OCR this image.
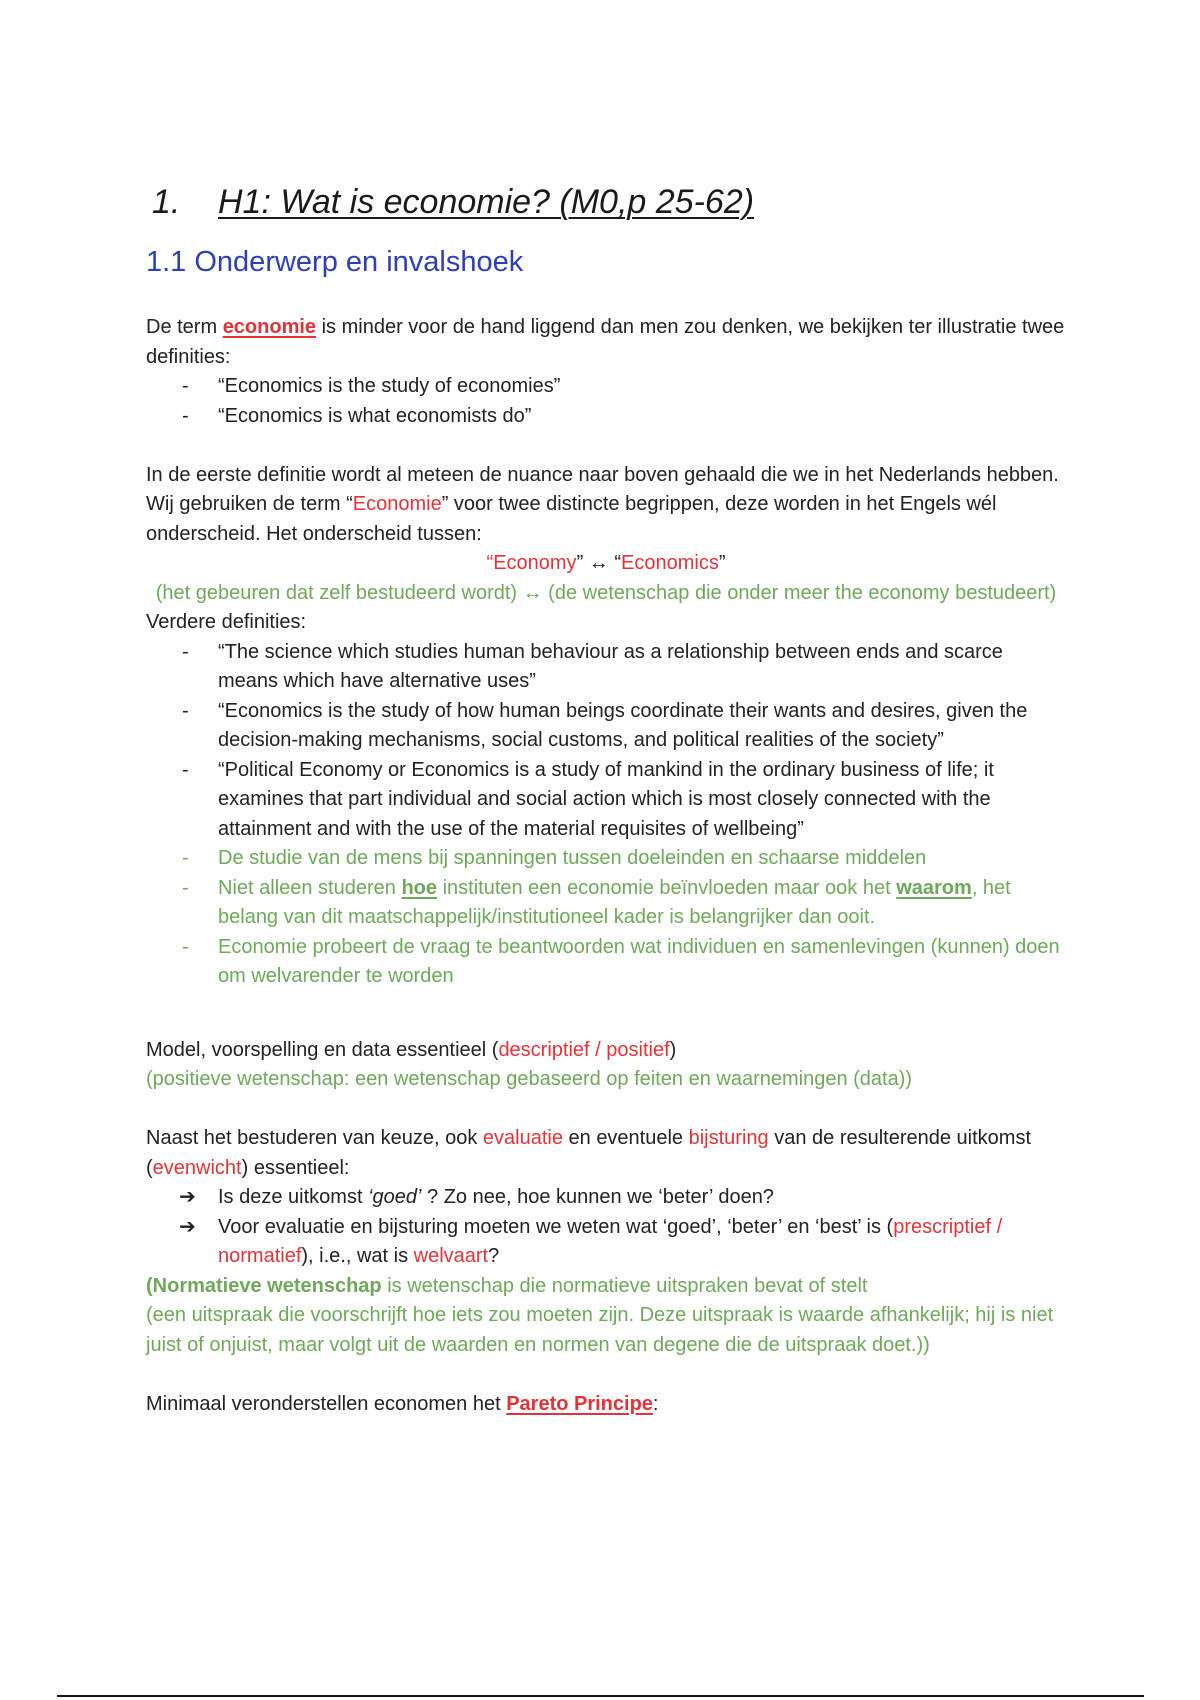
1. H1: Wat is economie? (M0,p 25-62)
1.1 Onderwerp en invalshoek

De term economie is minder voor de hand liggend dan men zou denken, we bekijken ter illustratie twee definities:

- “Economics is the study of economies”
- “Economics is what economists do”

In de eerste definitie wordt al meteen de nuance naar boven gehaald die we in het Nederlands hebben. Wij gebruiken de term “Economie” voor twee distincte begrippen, deze worden in het Engels wél onderscheid. Het onderscheid tussen:

“Economy” ↔ “Economics”

(het gebeuren dat zelf bestudeerd wordt) ↔ (de wetenschap die onder meer the economy bestudeert)

Verdere definities:

- “The science which studies human behaviour as a relationship between ends and scarce means which have alternative uses”
- “Economics is the study of how human beings coordinate their wants and desires, given the decision-making mechanisms, social customs, and political realities of the society”
- “Political Economy or Economics is a study of mankind in the ordinary business of life; it examines that part individual and social action which is most closely connected with the attainment and with the use of the material requisites of wellbeing”
- De studie van de mens bij spanningen tussen doeleinden en schaarse middelen
- Niet alleen studeren hoe instituten een economie beïnvloeden maar ook het waarom, het belang van dit maatschappelijk/institutioneel kader is belangrijker dan ooit.
- Economie probeert de vraag te beantwoorden wat individuen en samenlevingen (kunnen) doen om welvarender te worden

Model, voorspelling en data essentieel (descriptief / positief)

(positieve wetenschap: een wetenschap gebaseerd op feiten en waarnemingen (data))

Naast het bestuderen van keuze, ook evaluatie en eventuele bijsturing van de resulterende uitkomst (evenwicht) essentieel:

➔ Is deze uitkomst ‘goed’ ? Zo nee, hoe kunnen we ‘beter’ doen?
➔ Voor evaluatie en bijsturing moeten we weten wat ‘goed’, ‘beter’ en ‘best’ is (prescriptief / normatief), i.e., wat is welvaart?

(Normatieve wetenschap is wetenschap die normatieve uitspraken bevat of stelt

(een uitspraak die voorschrijft hoe iets zou moeten zijn. Deze uitspraak is waarde afhankelijk; hij is niet juist of onjuist, maar volgt uit de waarden en normen van degene die de uitspraak doet.))

Minimaal veronderstellen economen het Pareto Principe:
